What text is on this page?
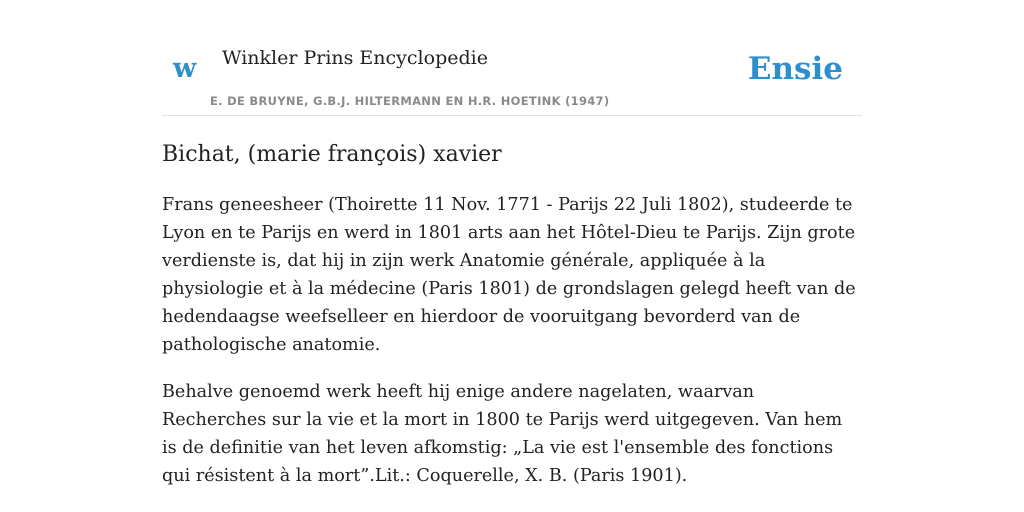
w Winkler Prins Encyclopedie
E. DE BRUYNE, G.B.J. HILTERMANN EN H.R. HOETINK (1947)
Ensie
Bichat, (marie françois) xavier

Frans geneesheer (Thoirette 11 Nov. 1771 - Parijs 22 Juli 1802), studeerde te Lyon en te Parijs en werd in 1801 arts aan het Hôtel-Dieu te Parijs. Zijn grote verdienste is, dat hij in zijn werk Anatomie générale, appliquée à la physiologie et à la médecine (Paris 1801) de grondslagen gelegd heeft van de hedendaagse weefselleer en hierdoor de vooruitgang bevorderd van de pathologische anatomie.

Behalve genoemd werk heeft hij enige andere nagelaten, waarvan Recherches sur la vie et la mort in 1800 te Parijs werd uitgegeven. Van hem is de definitie van het leven afkomstig: „La vie est l'ensemble des fonctions qui résistent à la mort”.Lit.: Coquerelle, X. B. (Paris 1901).
